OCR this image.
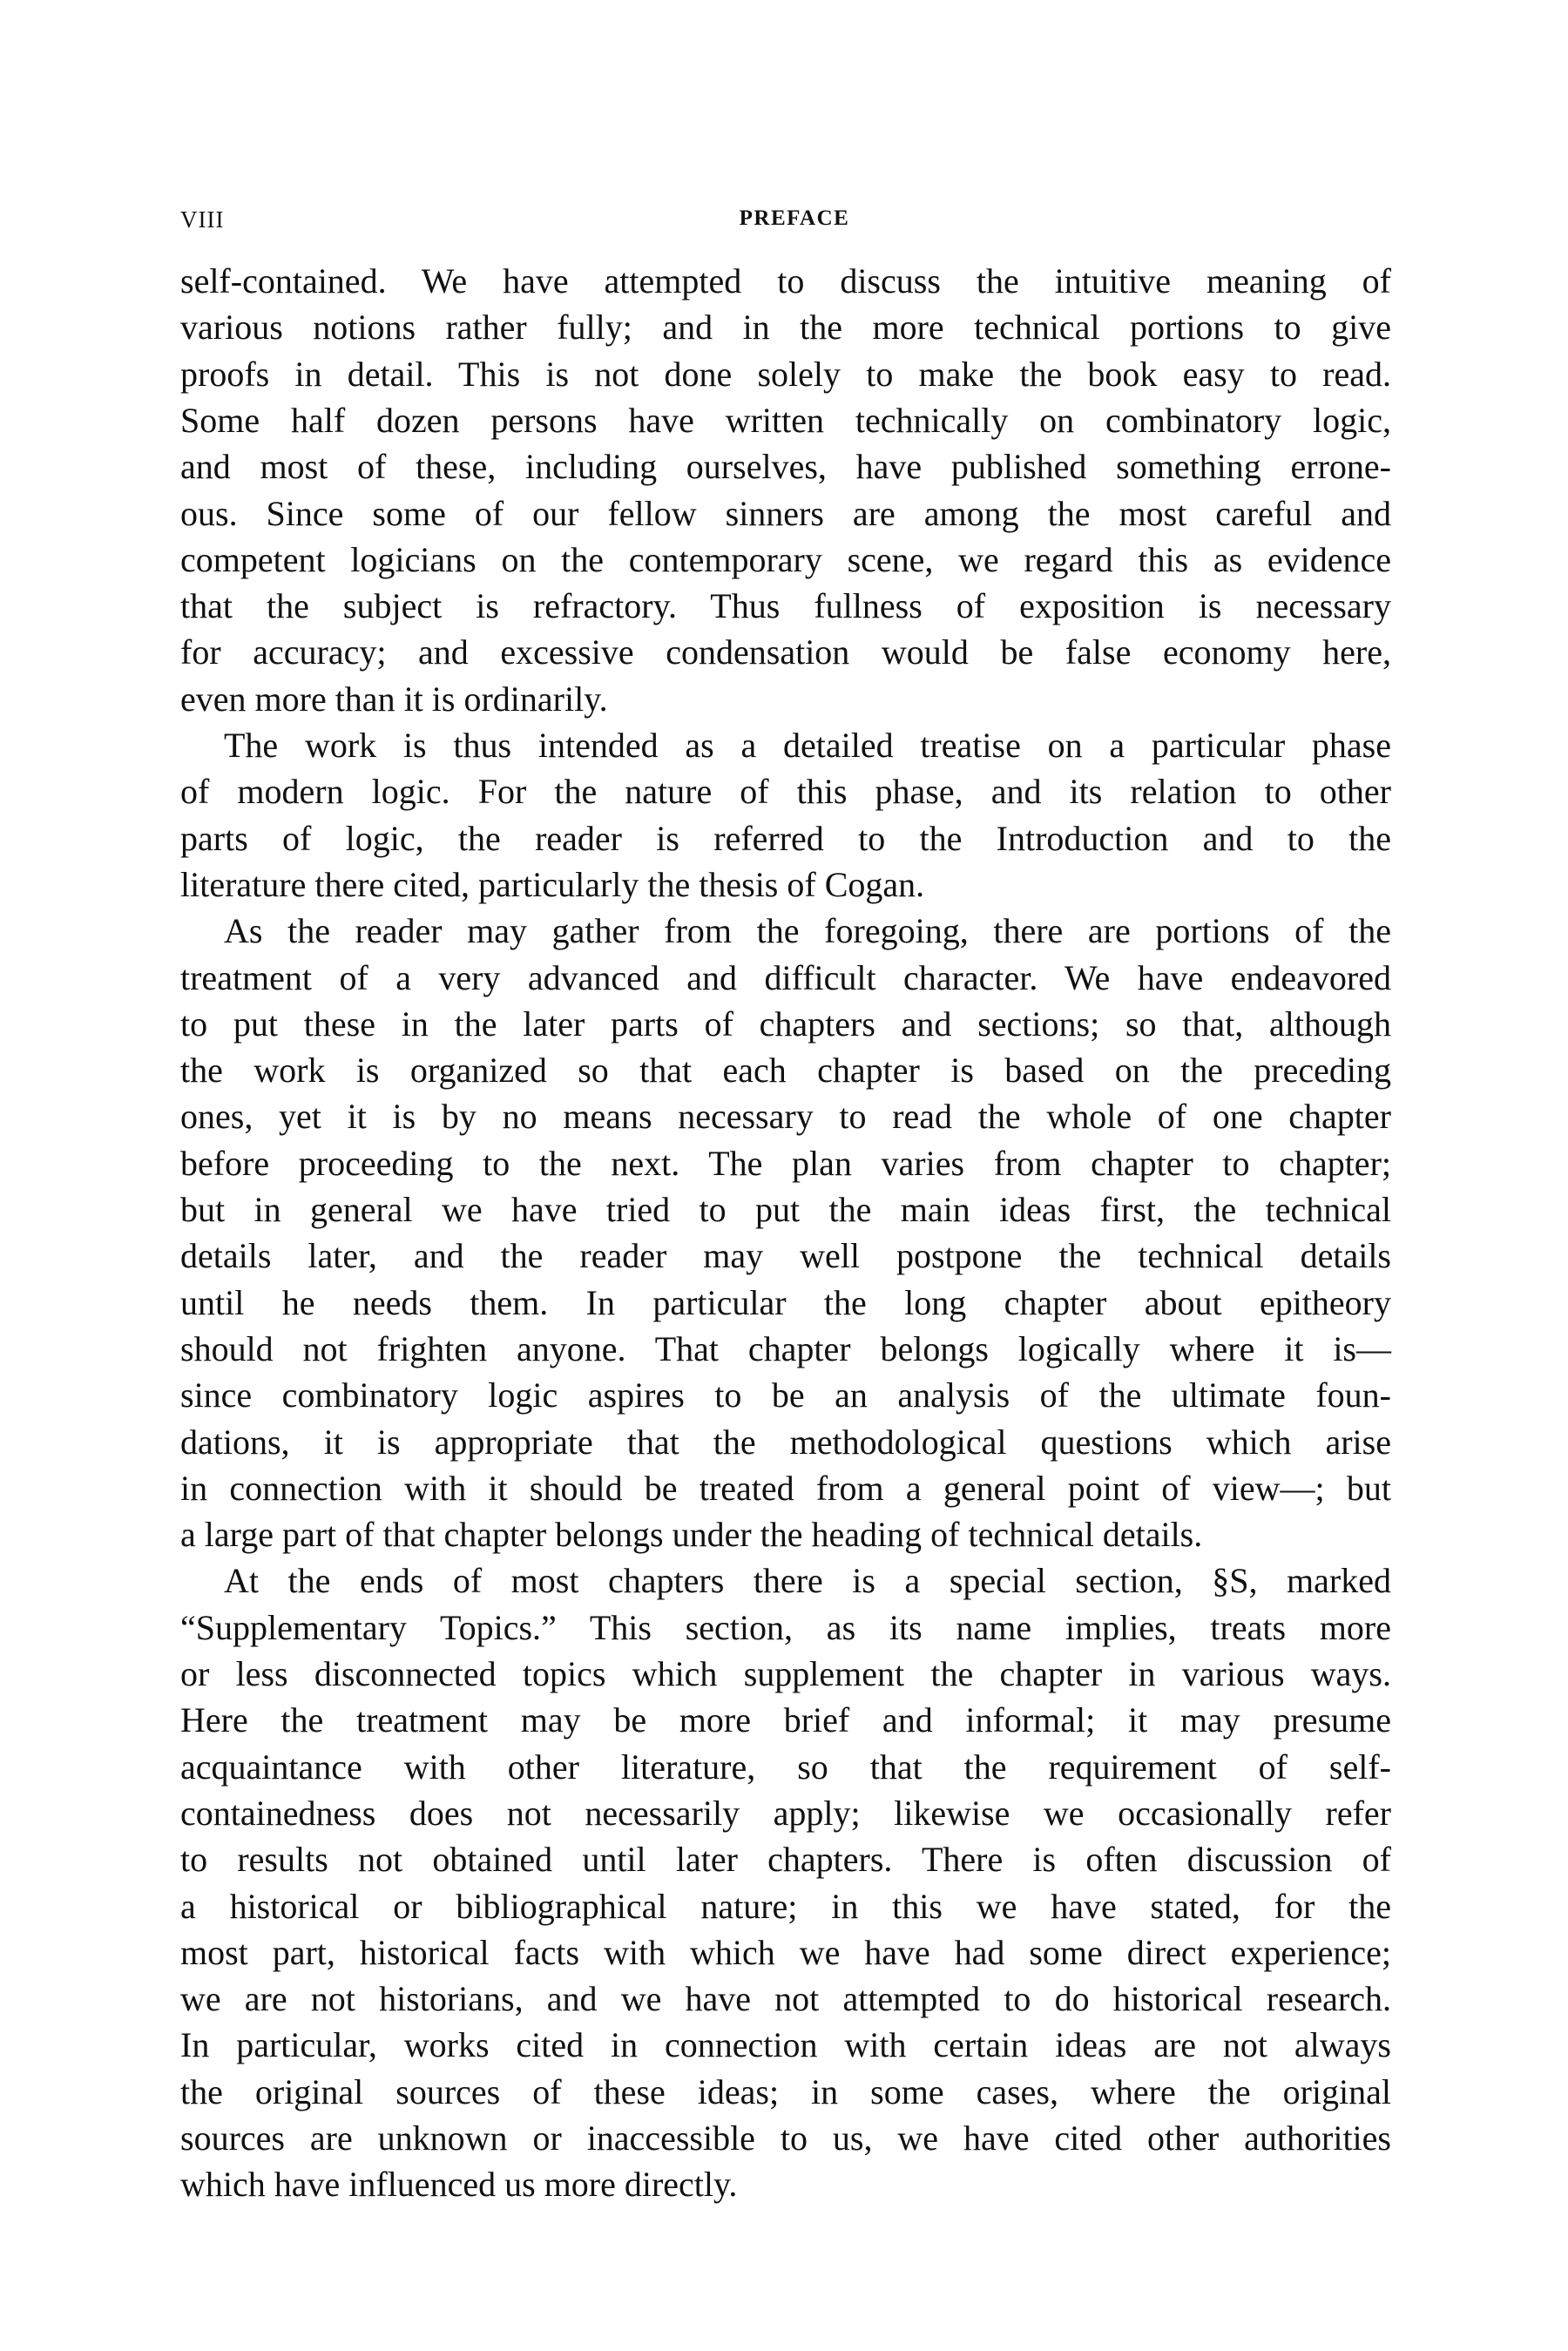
VIII	PREFACE
self-contained. We have attempted to discuss the intuitive meaning of
various notions rather fully; and in the more technical portions to give
proofs in detail. This is not done solely to make the book easy to read.
Some half dozen persons have written technically on combinatory logic,
and most of these, including ourselves, have published something errone-
ous. Since some of our fellow sinners are among the most careful and
competent logicians on the contemporary scene, we regard this as evidence
that the subject is refractory. Thus fullness of exposition is necessary
for accuracy; and excessive condensation would be false economy here,
even more than it is ordinarily.
The work is thus intended as a detailed treatise on a particular phase
of modern logic. For the nature of this phase, and its relation to other
parts of logic, the reader is referred to the Introduction and to the
literature there cited, particularly the thesis of Cogan.
As the reader may gather from the foregoing, there are portions of the
treatment of a very advanced and difficult character. We have endeavored
to put these in the later parts of chapters and sections; so that, although
the work is organized so that each chapter is based on the preceding
ones, yet it is by no means necessary to read the whole of one chapter
before proceeding to the next. The plan varies from chapter to chapter;
but in general we have tried to put the main ideas first, the technical
details later, and the reader may well postpone the technical details
until he needs them. In particular the long chapter about epitheory
should not frighten anyone. That chapter belongs logically where it is—
since combinatory logic aspires to be an analysis of the ultimate foun-
dations, it is appropriate that the methodological questions which arise
in connection with it should be treated from a general point of view—; but
a large part of that chapter belongs under the heading of technical details.
At the ends of most chapters there is a special section, §S, marked
“Supplementary Topics.” This section, as its name implies, treats more
or less disconnected topics which supplement the chapter in various ways.
Here the treatment may be more brief and informal; it may presume
acquaintance with other literature, so that the requirement of self-
containedness does not necessarily apply; likewise we occasionally refer
to results not obtained until later chapters. There is often discussion of
a historical or bibliographical nature; in this we have stated, for the
most part, historical facts with which we have had some direct experience;
we are not historians, and we have not attempted to do historical research.
In particular, works cited in connection with certain ideas are not always
the original sources of these ideas; in some cases, where the original
sources are unknown or inaccessible to us, we have cited other authorities
which have influenced us more directly.
